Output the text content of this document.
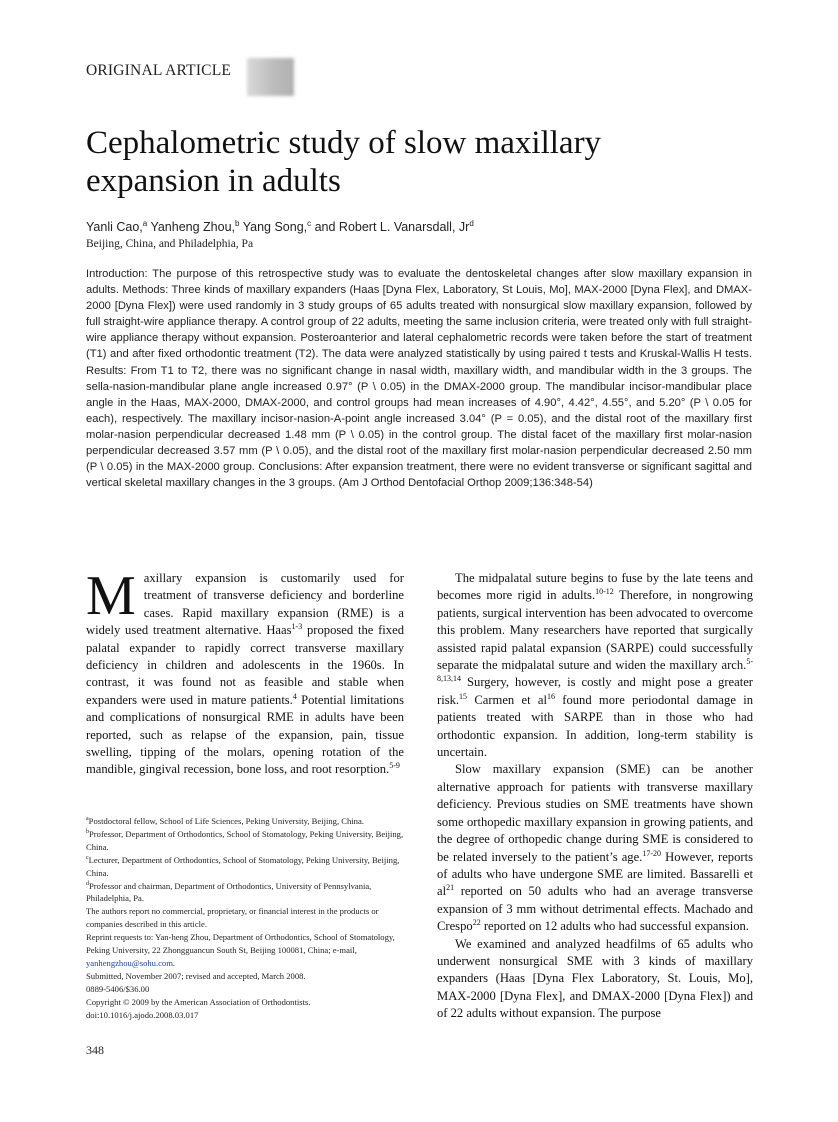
ORIGINAL ARTICLE
Cephalometric study of slow maxillary expansion in adults
Yanli Cao,$^a$ Yanheng Zhou,$^b$ Yang Song,$^c$ and Robert L. Vanarsdall, Jr$^d$
Beijing, China, and Philadelphia, Pa

Introduction: The purpose of this retrospective study was to evaluate the dentoskeletal changes after slow maxillary expansion in adults. Methods: Three kinds of maxillary expanders (Haas [Dyna Flex, Laboratory, St Louis, Mo], MAX-2000 [Dyna Flex], and DMAX-2000 [Dyna Flex]) were used randomly in 3 study groups of 65 adults treated with nonsurgical slow maxillary expansion, followed by full straight-wire appliance therapy. A control group of 22 adults, meeting the same inclusion criteria, were treated only with full straight-wire appliance therapy without expansion. Posteroanterior and lateral cephalometric records were taken before the start of treatment (T1) and after fixed orthodontic treatment (T2). The data were analyzed statistically by using paired t tests and Kruskal-Wallis H tests. Results: From T1 to T2, there was no significant change in nasal width, maxillary width, and mandibular width in the 3 groups. The sella-nasion-mandibular plane angle increased 0.97° (P \ 0.05) in the DMAX-2000 group. The mandibular incisor-mandibular place angle in the Haas, MAX-2000, DMAX-2000, and control groups had mean increases of 4.90°, 4.42°, 4.55°, and 5.20° (P \ 0.05 for each), respectively. The maxillary incisor-nasion-A-point angle increased 3.04° (P = 0.05), and the distal root of the maxillary first molar-nasion perpendicular decreased 1.48 mm (P \ 0.05) in the control group. The distal facet of the maxillary first molar-nasion perpendicular decreased 3.57 mm (P \ 0.05), and the distal root of the maxillary first molar-nasion perpendicular decreased 2.50 mm (P \ 0.05) in the MAX-2000 group. Conclusions: After expansion treatment, there were no evident transverse or significant sagittal and vertical skeletal maxillary changes in the 3 groups. (Am J Orthod Dentofacial Orthop 2009;136:348-54)

Maxillary expansion is customarily used for treatment of transverse deficiency and borderline cases. Rapid maxillary expansion (RME) is a widely used treatment alternative. Haas$^{1-3}$ proposed the fixed palatal expander to rapidly correct transverse maxillary deficiency in children and adolescents in the 1960s. In contrast, it was found not as feasible and stable when expanders were used in mature patients.$^4$ Potential limitations and complications of nonsurgical RME in adults have been reported, such as relapse of the expansion, pain, tissue swelling, tipping of the molars, opening rotation of the mandible, gingival recession, bone loss, and root resorption.$^{5-9}$

$^a$Postdoctoral fellow, School of Life Sciences, Peking University, Beijing, China.

$^b$Professor, Department of Orthodontics, School of Stomatology, Peking University, Beijing, China.

$^c$Lecturer, Department of Orthodontics, School of Stomatology, Peking University, Beijing, China.

$^d$Professor and chairman, Department of Orthodontics, University of Pennsylvania, Philadelphia, Pa.

The authors report no commercial, proprietary, or financial interest in the products or companies described in this article.

Reprint requests to: Yan-heng Zhou, Department of Orthodontics, School of Stomatology, Peking University, 22 Zhongguancun South St, Beijing 100081, China; e-mail, yanhengzhou@sohu.com.

Submitted, November 2007; revised and accepted, March 2008.

0889-5406/$36.00

Copyright © 2009 by the American Association of Orthodontists.

doi:10.1016/j.ajodo.2008.03.017

The midpalatal suture begins to fuse by the late teens and becomes more rigid in adults.$^{10-12}$ Therefore, in nongrowing patients, surgical intervention has been advocated to overcome this problem. Many researchers have reported that surgically assisted rapid palatal expansion (SARPE) could successfully separate the midpalatal suture and widen the maxillary arch.$^{5-8,13,14}$ Surgery, however, is costly and might pose a greater risk.$^{15}$ Carmen et al$^{16}$ found more periodontal damage in patients treated with SARPE than in those who had orthodontic expansion. In addition, long-term stability is uncertain.

Slow maxillary expansion (SME) can be another alternative approach for patients with transverse maxillary deficiency. Previous studies on SME treatments have shown some orthopedic maxillary expansion in growing patients, and the degree of orthopedic change during SME is considered to be related inversely to the patient’s age.$^{17-20}$ However, reports of adults who have undergone SME are limited. Bassarelli et al$^{21}$ reported on 50 adults who had an average transverse expansion of 3 mm without detrimental effects. Machado and Crespo$^{22}$ reported on 12 adults who had successful expansion.

We examined and analyzed headfilms of 65 adults who underwent nonsurgical SME with 3 kinds of maxillary expanders (Haas [Dyna Flex Laboratory, St. Louis, Mo], MAX-2000 [Dyna Flex], and DMAX-2000 [Dyna Flex]) and of 22 adults without expansion. The purpose

348
